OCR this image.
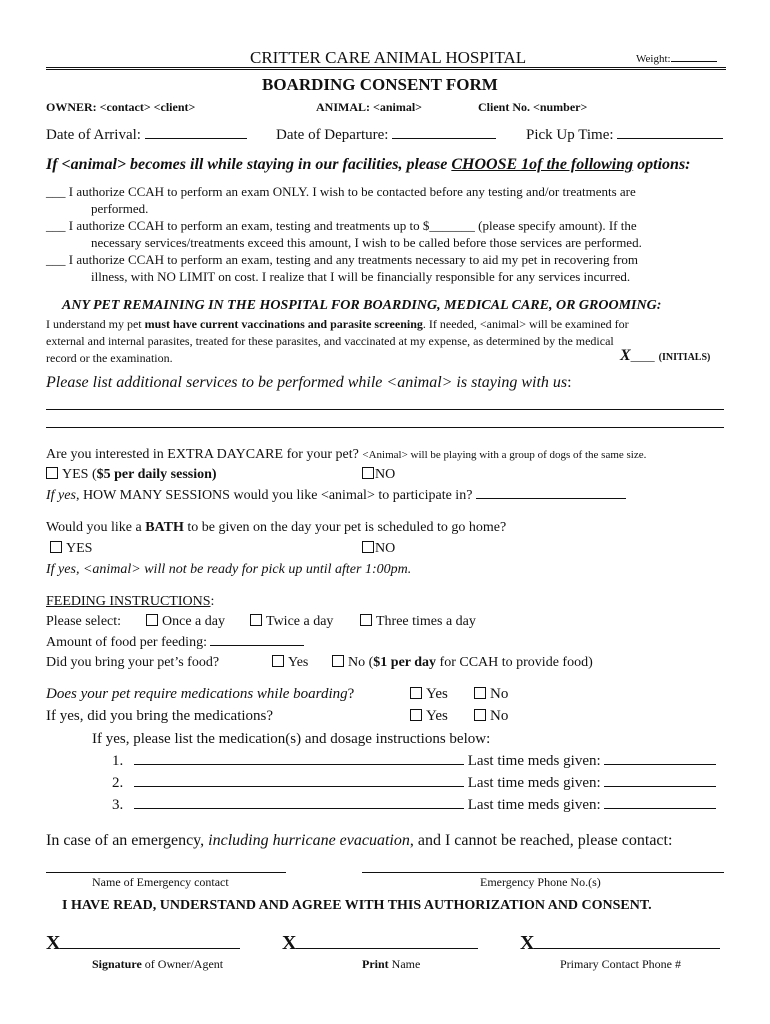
CRITTER CARE ANIMAL HOSPITAL	Weight:
BOARDING CONSENT FORM
OWNER: <contact> <client>	ANIMAL: <animal>	Client No. <number>
Date of Arrival:	Date of Departure:	Pick Up Time:
If <animal> becomes ill while staying in our facilities, please CHOOSE 1of the following options:
___ I authorize CCAH to perform an exam ONLY. I wish to be contacted before any testing and/or treatments are
performed.
___ I authorize CCAH to perform an exam, testing and treatments up to $_______ (please specify amount). If the
necessary services/treatments exceed this amount, I wish to be called before those services are performed.
___ I authorize CCAH to perform an exam, testing and any treatments necessary to aid my pet in recovering from
illness, with NO LIMIT on cost. I realize that I will be financially responsible for any services incurred.
ANY PET REMAINING IN THE HOSPITAL FOR BOARDING, MEDICAL CARE, OR GROOMING:
I understand my pet must have current vaccinations and parasite screening. If needed, <animal> will be examined for
external and internal parasites, treated for these parasites, and vaccinated at my expense, as determined by the medical
record or the examination.	X____ (INITIALS)
Please list additional services to be performed while <animal> is staying with us:
Are you interested in EXTRA DAYCARE for your pet? <Animal> will be playing with a group of dogs of the same size.
YES ($5 per daily session)	NO
If yes, HOW MANY SESSIONS would you like <animal> to participate in?
Would you like a BATH to be given on the day your pet is scheduled to go home?
YES	NO
If yes, <animal> will not be ready for pick up until after 1:00pm.
FEEDING INSTRUCTIONS:
Please select:	Once a day	Twice a day	Three times a day
Amount of food per feeding:
Did you bring your pet’s food?	Yes	No ($1 per day for CCAH to provide food)
Does your pet require medications while boarding?	Yes	No
If yes, did you bring the medications?	Yes	No
If yes, please list the medication(s) and dosage instructions below:
1.	Last time meds given:
2.	Last time meds given:
3.	Last time meds given:
In case of an emergency, including hurricane evacuation, and I cannot be reached, please contact:
Name of Emergency contact	Emergency Phone No.(s)
I HAVE READ, UNDERSTAND AND AGREE WITH THIS AUTHORIZATION AND CONSENT.
X	X	X
Signature of Owner/Agent	Print Name	Primary Contact Phone #
